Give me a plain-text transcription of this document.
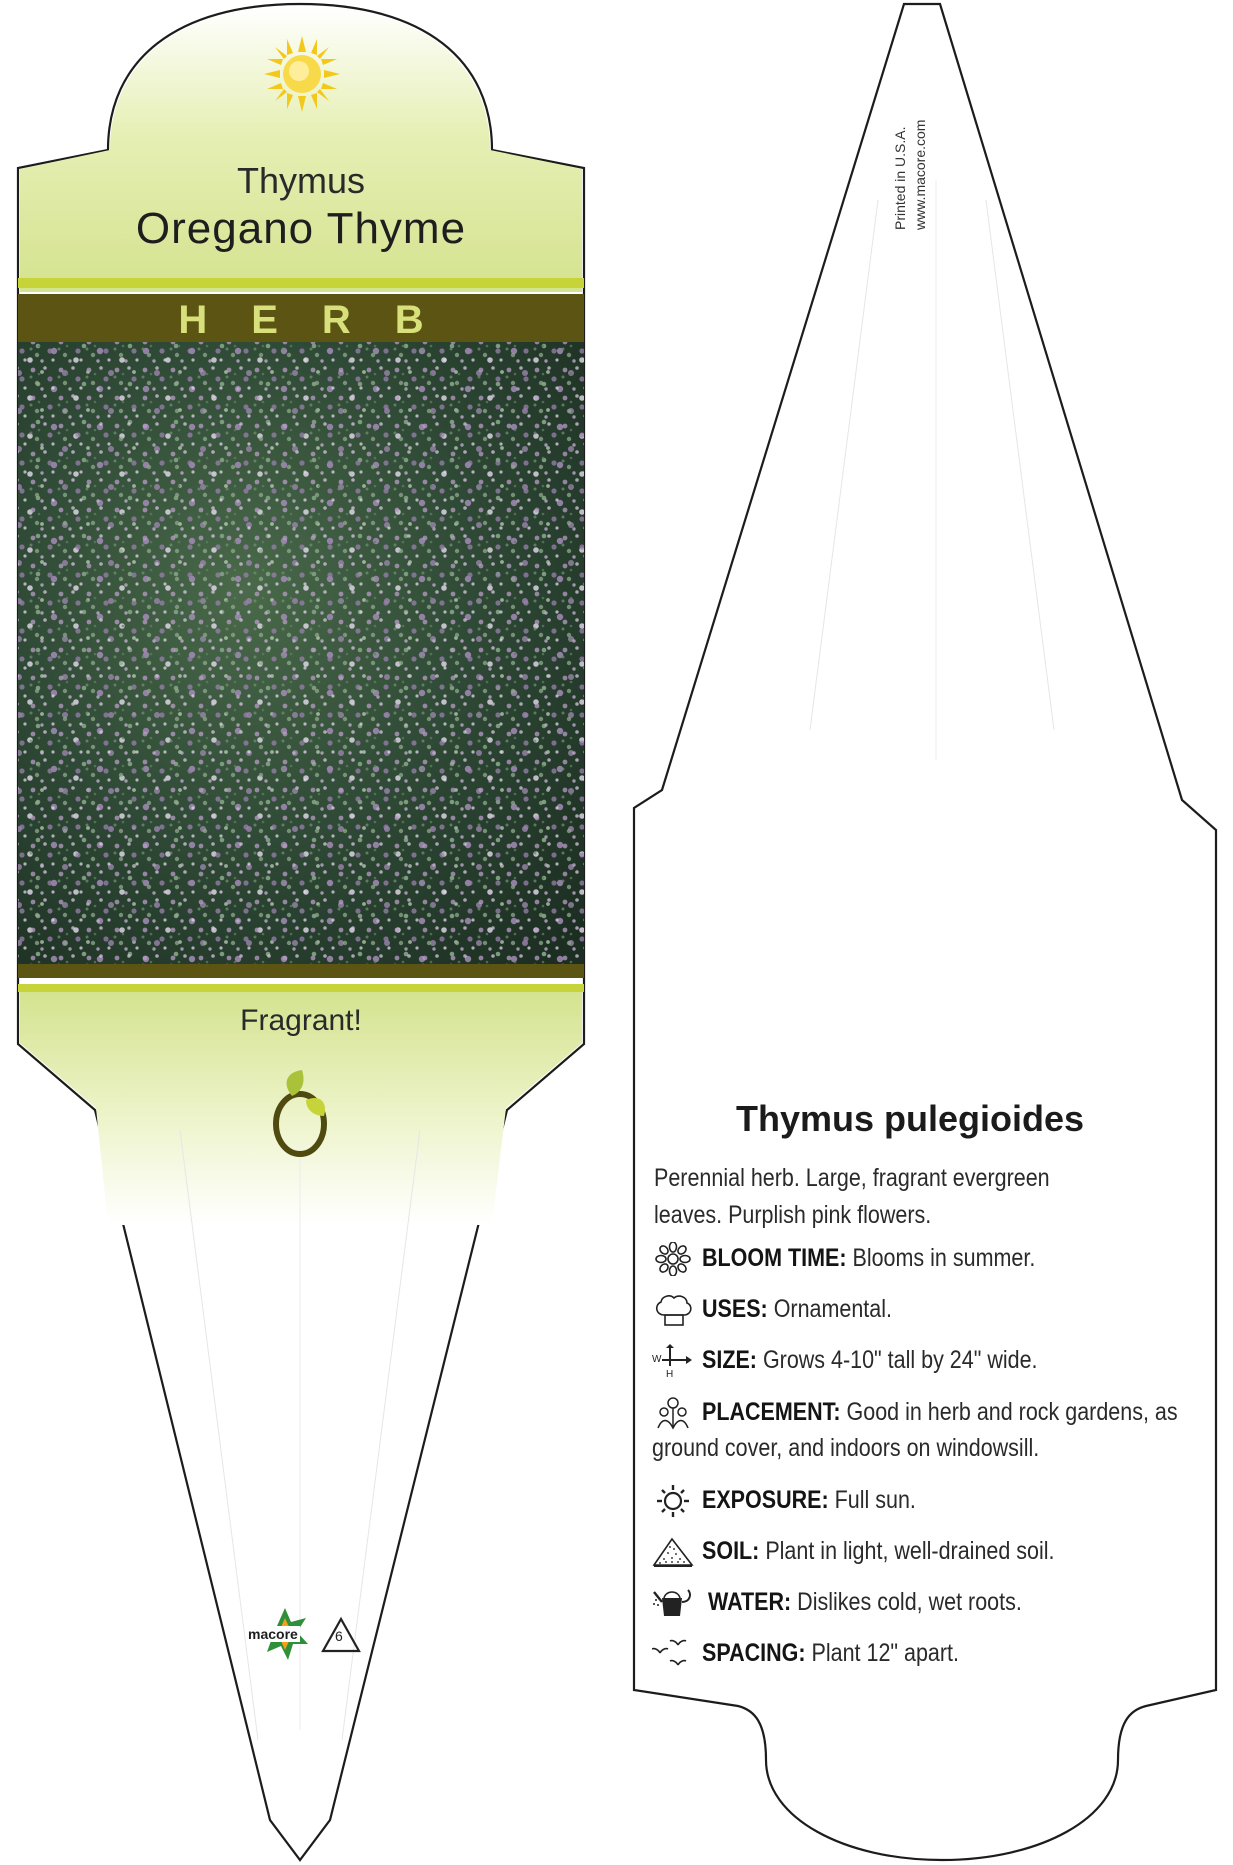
Thymus
Oregano Thyme
HERB
Fragrant!
macore	6
Printed in U.S.A. www.macore.com
Thymus pulegioides
Perennial herb. Large, fragrant evergreen leaves. Purplish pink flowers.
BLOOM TIME: Blooms in summer.
USES: Ornamental.
W
H
SIZE: Grows 4-10" tall by 24" wide.
PLACEMENT: Good in herb and rock gardens, as
ground cover, and indoors on windowsill.
EXPOSURE: Full sun.
SOIL: Plant in light, well-drained soil.
WATER: Dislikes cold, wet roots.
SPACING: Plant 12" apart.
